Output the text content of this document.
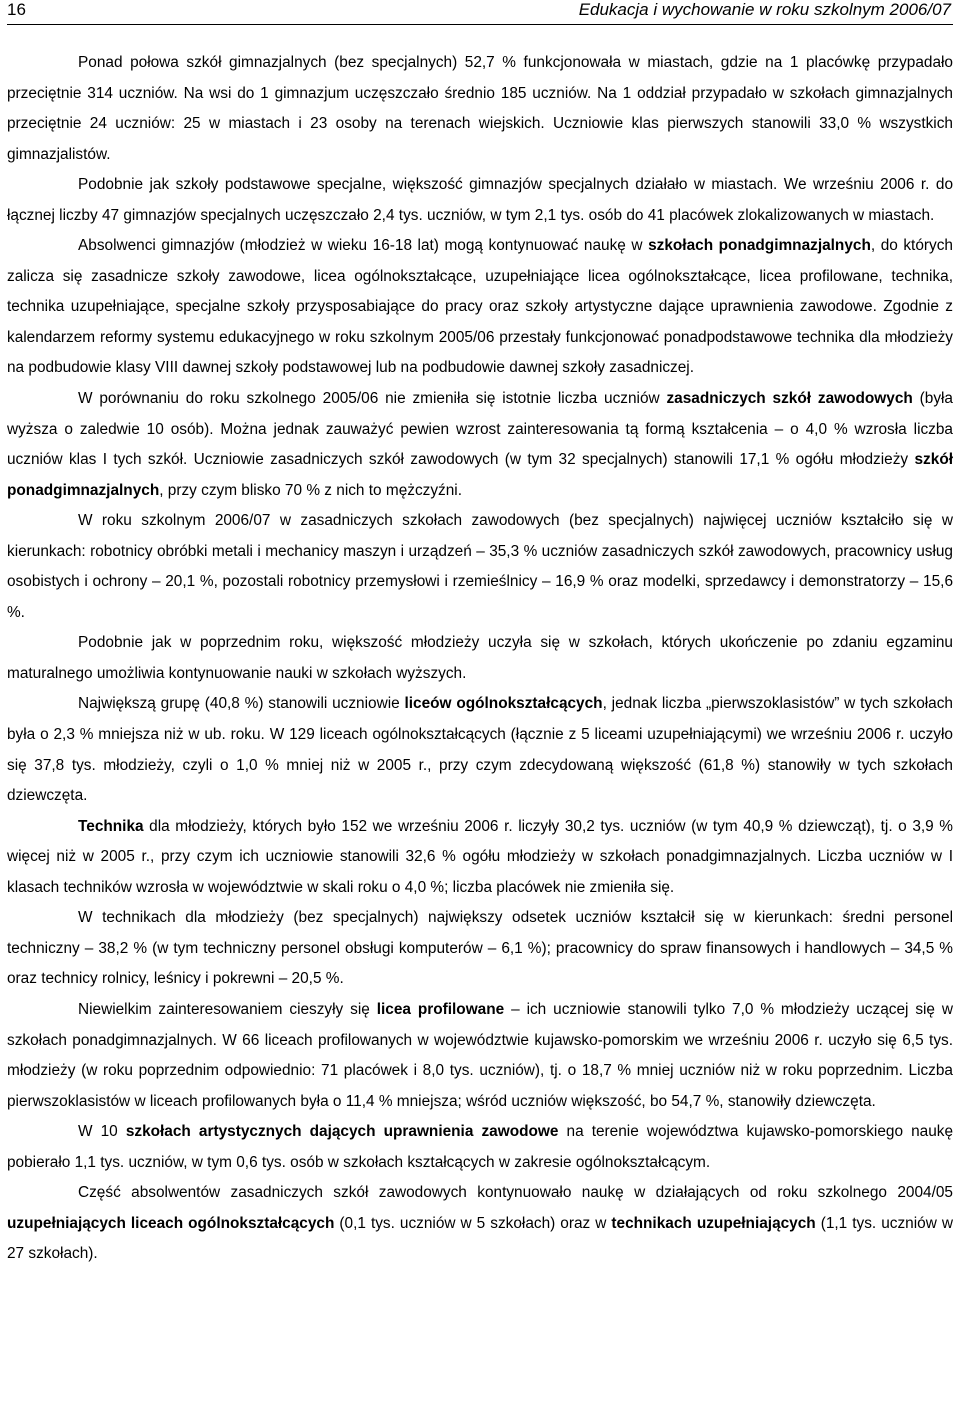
16	Edukacja i wychowanie w roku szkolnym 2006/07

Ponad połowa szkół gimnazjalnych (bez specjalnych) 52,7 % funkcjonowała w miastach, gdzie na 1 placówkę przypadało przeciętnie 314 uczniów. Na wsi do 1 gimnazjum uczęszczało średnio 185 uczniów. Na 1 oddział przypadało w szkołach gimnazjalnych przeciętnie 24 uczniów: 25 w miastach i 23 osoby na terenach wiejskich. Uczniowie klas pierwszych stanowili 33,0 % wszystkich gimnazjalistów.

Podobnie jak szkoły podstawowe specjalne, większość gimnazjów specjalnych działało w miastach. We wrześniu 2006 r. do łącznej liczby 47 gimnazjów specjalnych uczęszczało 2,4 tys. uczniów, w tym 2,1 tys. osób do 41 placówek zlokalizowanych w miastach.

Absolwenci gimnazjów (młodzież w wieku 16-18 lat) mogą kontynuować naukę w szkołach ponadgimnazjalnych, do których zalicza się zasadnicze szkoły zawodowe, licea ogólnokształcące, uzupełniające licea ogólnokształcące, licea profilowane, technika, technika uzupełniające, specjalne szkoły przysposabiające do pracy oraz szkoły artystyczne dające uprawnienia zawodowe. Zgodnie z kalendarzem reformy systemu edukacyjnego w roku szkolnym 2005/06 przestały funkcjonować ponadpodstawowe technika dla młodzieży na podbudowie klasy VIII dawnej szkoły podstawowej lub na podbudowie dawnej szkoły zasadniczej.

W porównaniu do roku szkolnego 2005/06 nie zmieniła się istotnie liczba uczniów zasadniczych szkół zawodowych (była wyższa o zaledwie 10 osób). Można jednak zauważyć pewien wzrost zainteresowania tą formą kształcenia – o 4,0 % wzrosła liczba uczniów klas I tych szkół. Uczniowie zasadniczych szkół zawodowych (w tym 32 specjalnych) stanowili 17,1 % ogółu młodzieży szkół ponadgimnazjalnych, przy czym blisko 70 % z nich to mężczyźni.

W roku szkolnym 2006/07 w zasadniczych szkołach zawodowych (bez specjalnych) najwięcej uczniów kształciło się w kierunkach: robotnicy obróbki metali i mechanicy maszyn i urządzeń – 35,3 % uczniów zasadniczych szkół zawodowych, pracownicy usług osobistych i ochrony – 20,1 %, pozostali robotnicy przemysłowi i rzemieślnicy – 16,9 % oraz modelki, sprzedawcy i demonstratorzy – 15,6 %.

Podobnie jak w poprzednim roku, większość młodzieży uczyła się w szkołach, których ukończenie po zdaniu egzaminu maturalnego umożliwia kontynuowanie nauki w szkołach wyższych.

Największą grupę (40,8 %) stanowili uczniowie liceów ogólnokształcących, jednak liczba „pierwszoklasistów” w tych szkołach była o 2,3 % mniejsza niż w ub. roku. W 129 liceach ogólnokształcących (łącznie z 5 liceami uzupełniającymi) we wrześniu 2006 r. uczyło się 37,8 tys. młodzieży, czyli o 1,0 % mniej niż w 2005 r., przy czym zdecydowaną większość (61,8 %) stanowiły w tych szkołach dziewczęta.

Technika dla młodzieży, których było 152 we wrześniu 2006 r. liczyły 30,2 tys. uczniów (w tym 40,9 % dziewcząt), tj. o 3,9 % więcej niż w 2005 r., przy czym ich uczniowie stanowili 32,6 % ogółu młodzieży w szkołach ponadgimnazjalnych. Liczba uczniów w I klasach techników wzrosła w województwie w skali roku o 4,0 %; liczba placówek nie zmieniła się.

W technikach dla młodzieży (bez specjalnych) największy odsetek uczniów kształcił się w kierunkach: średni personel techniczny – 38,2 % (w tym techniczny personel obsługi komputerów – 6,1 %); pracownicy do spraw finansowych i handlowych – 34,5 % oraz technicy rolnicy, leśnicy i pokrewni – 20,5 %.

Niewielkim zainteresowaniem cieszyły się licea profilowane – ich uczniowie stanowili tylko 7,0 % młodzieży uczącej się w szkołach ponadgimnazjalnych. W 66 liceach profilowanych w województwie kujawsko-pomorskim we wrześniu 2006 r. uczyło się 6,5 tys. młodzieży (w roku poprzednim odpowiednio: 71 placówek i 8,0 tys. uczniów), tj. o 18,7 % mniej uczniów niż w roku poprzednim. Liczba pierwszoklasistów w liceach profilowanych była o 11,4 % mniejsza; wśród uczniów większość, bo 54,7 %, stanowiły dziewczęta.

W 10 szkołach artystycznych dających uprawnienia zawodowe na terenie województwa kujawsko-pomorskiego naukę pobierało 1,1 tys. uczniów, w tym 0,6 tys. osób w szkołach kształcących w zakresie ogólnokształcącym.

Część absolwentów zasadniczych szkół zawodowych kontynuowało naukę w działających od roku szkolnego 2004/05 uzupełniających liceach ogólnokształcących (0,1 tys. uczniów w 5 szkołach) oraz w technikach uzupełniających (1,1 tys. uczniów w 27 szkołach).
